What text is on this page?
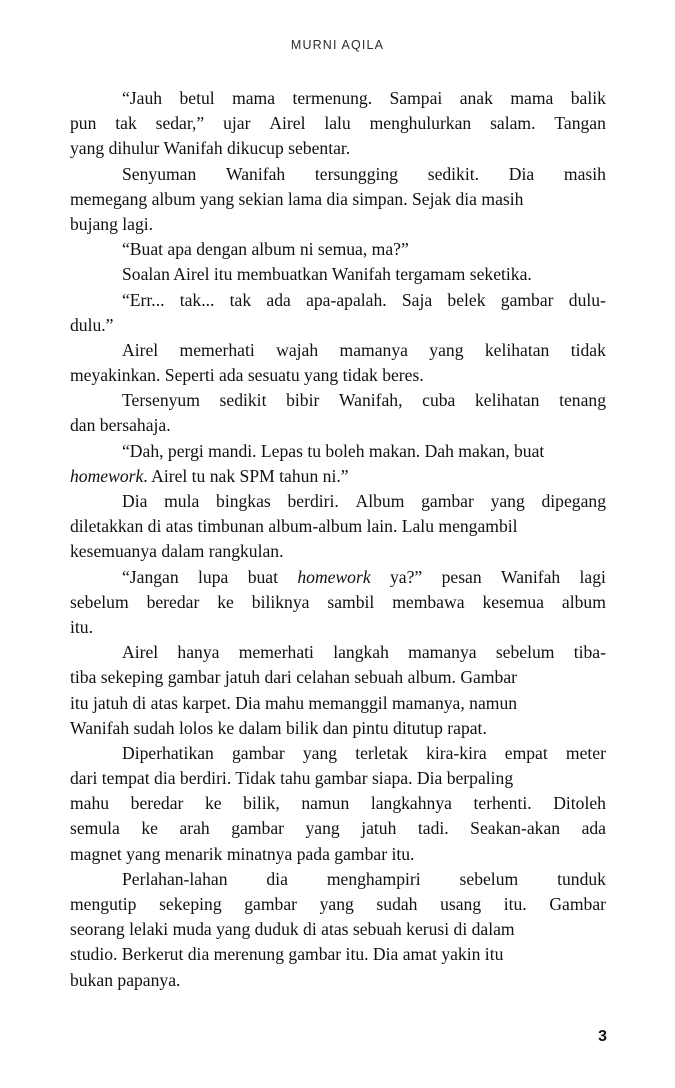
MURNI AQILA

“Jauh betul mama termenung. Sampai anak mama balik
pun tak sedar,” ujar Airel lalu menghulurkan salam. Tangan
yang dihulur Wanifah dikucup sebentar.

Senyuman Wanifah tersungging sedikit. Dia masih
memegang album yang sekian lama dia simpan. Sejak dia masih
bujang lagi.

“Buat apa dengan album ni semua, ma?”

Soalan Airel itu membuatkan Wanifah tergamam seketika.

“Err... tak... tak ada apa-apalah. Saja belek gambar dulu-
dulu.”

Airel memerhati wajah mamanya yang kelihatan tidak
meyakinkan. Seperti ada sesuatu yang tidak beres.

Tersenyum sedikit bibir Wanifah, cuba kelihatan tenang
dan bersahaja.

“Dah, pergi mandi. Lepas tu boleh makan. Dah makan, buat
homework. Airel tu nak SPM tahun ni.”

Dia mula bingkas berdiri. Album gambar yang dipegang
diletakkan di atas timbunan album-album lain. Lalu mengambil
kesemuanya dalam rangkulan.

“Jangan lupa buat homework ya?” pesan Wanifah lagi
sebelum beredar ke biliknya sambil membawa kesemua album
itu.

Airel hanya memerhati langkah mamanya sebelum tiba-
tiba sekeping gambar jatuh dari celahan sebuah album. Gambar
itu jatuh di atas karpet. Dia mahu memanggil mamanya, namun
Wanifah sudah lolos ke dalam bilik dan pintu ditutup rapat.

Diperhatikan gambar yang terletak kira-kira empat meter
dari tempat dia berdiri. Tidak tahu gambar siapa. Dia berpaling
mahu beredar ke bilik, namun langkahnya terhenti. Ditoleh
semula ke arah gambar yang jatuh tadi. Seakan-akan ada
magnet yang menarik minatnya pada gambar itu.

Perlahan-lahan dia menghampiri sebelum tunduk
mengutip sekeping gambar yang sudah usang itu. Gambar
seorang lelaki muda yang duduk di atas sebuah kerusi di dalam
studio. Berkerut dia merenung gambar itu. Dia amat yakin itu
bukan papanya.

3
